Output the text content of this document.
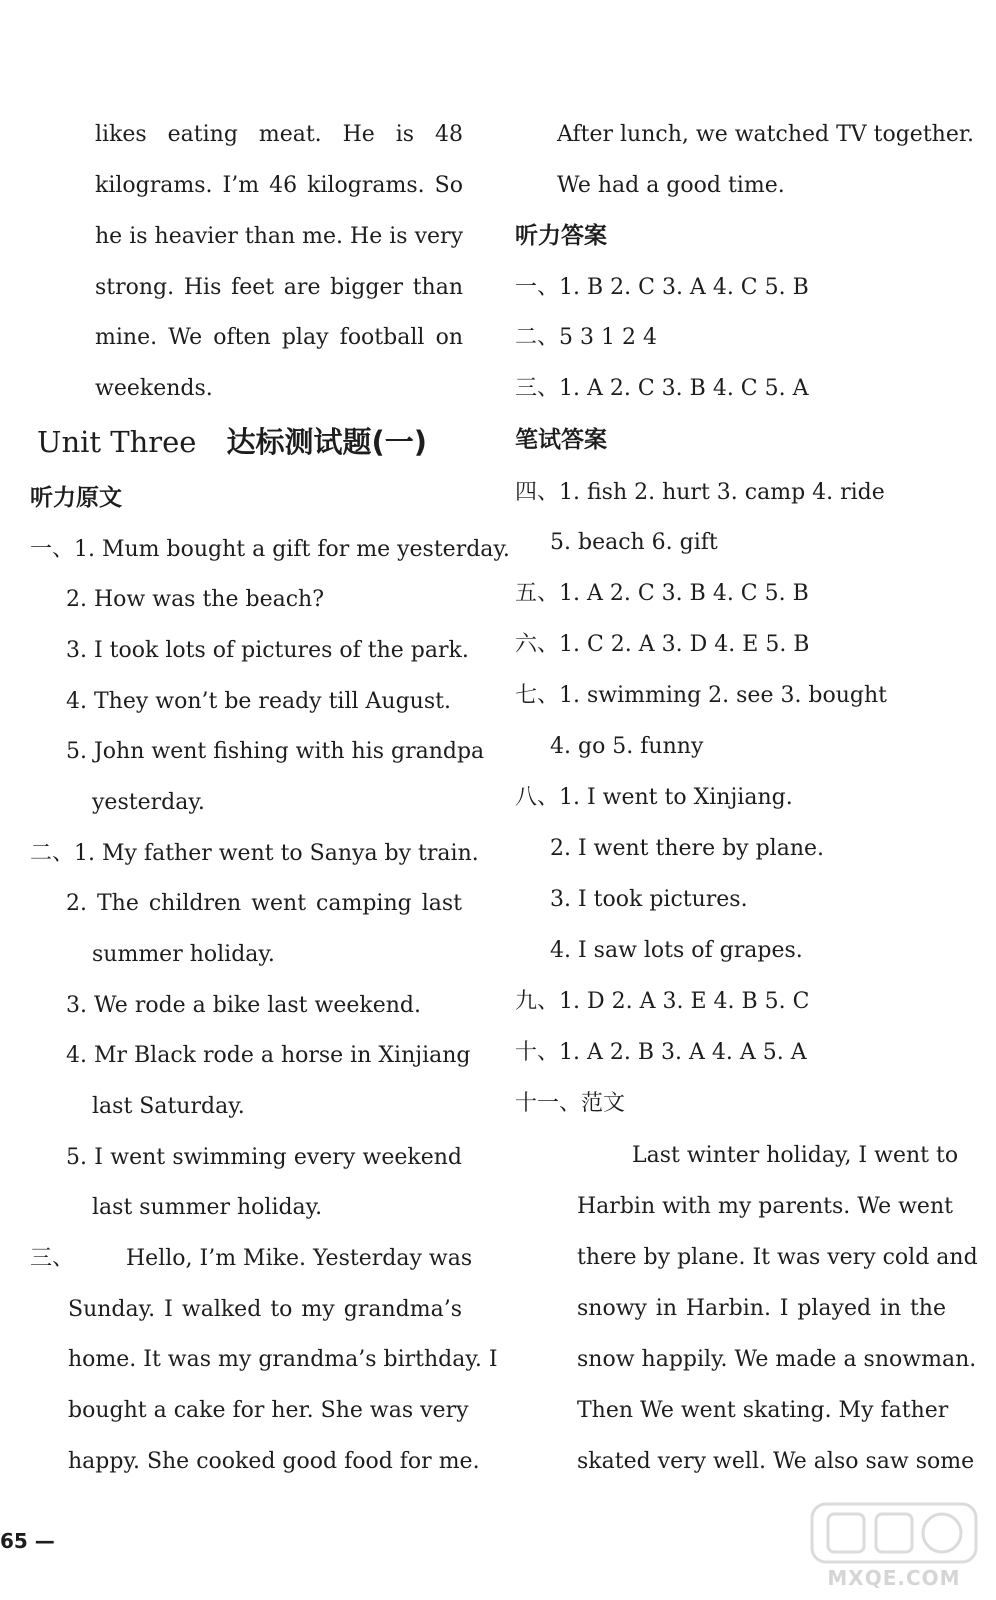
likes eating meat. He is 48
kilograms. I’m 46 kilograms. So
he is heavier than me. He is very
strong. His feet are bigger than
mine. We often play football on
weekends.
Unit Three 达标测试题(一)
听力原文
一、1. Mum bought a gift for me yesterday.
2. How was the beach?
3. I took lots of pictures of the park.
4. They won’t be ready till August.
5. John went fishing with his grandpa
yesterday.
二、1. My father went to Sanya by train.
2. The children went camping last
summer holiday.
3. We rode a bike last weekend.
4. Mr Black rode a horse in Xinjiang
last Saturday.
5. I went swimming every weekend
last summer holiday.
三、 Hello, I’m Mike. Yesterday was
Sunday. I walked to my grandma’s
home. It was my grandma’s birthday. I
bought a cake for her. She was very
happy. She cooked good food for me.
After lunch, we watched TV together.
We had a good time.
听力答案
一、1. B 2. C 3. A 4. C 5. B
二、5 3 1 2 4
三、1. A 2. C 3. B 4. C 5. A
笔试答案
四、1. fish 2. hurt 3. camp 4. ride
5. beach 6. gift
五、1. A 2. C 3. B 4. C 5. B
六、1. C 2. A 3. D 4. E 5. B
七、1. swimming 2. see 3. bought
4. go 5. funny
八、1. I went to Xinjiang.
2. I went there by plane.
3. I took pictures.
4. I saw lots of grapes.
九、1. D 2. A 3. E 4. B 5. C
十、1. A 2. B 3. A 4. A 5. A
十一、范文
Last winter holiday, I went to
Harbin with my parents. We went
there by plane. It was very cold and
snowy in Harbin. I played in the
snow happily. We made a snowman.
Then We went skating. My father
skated very well. We also saw some
65 —
MXQE.COM
